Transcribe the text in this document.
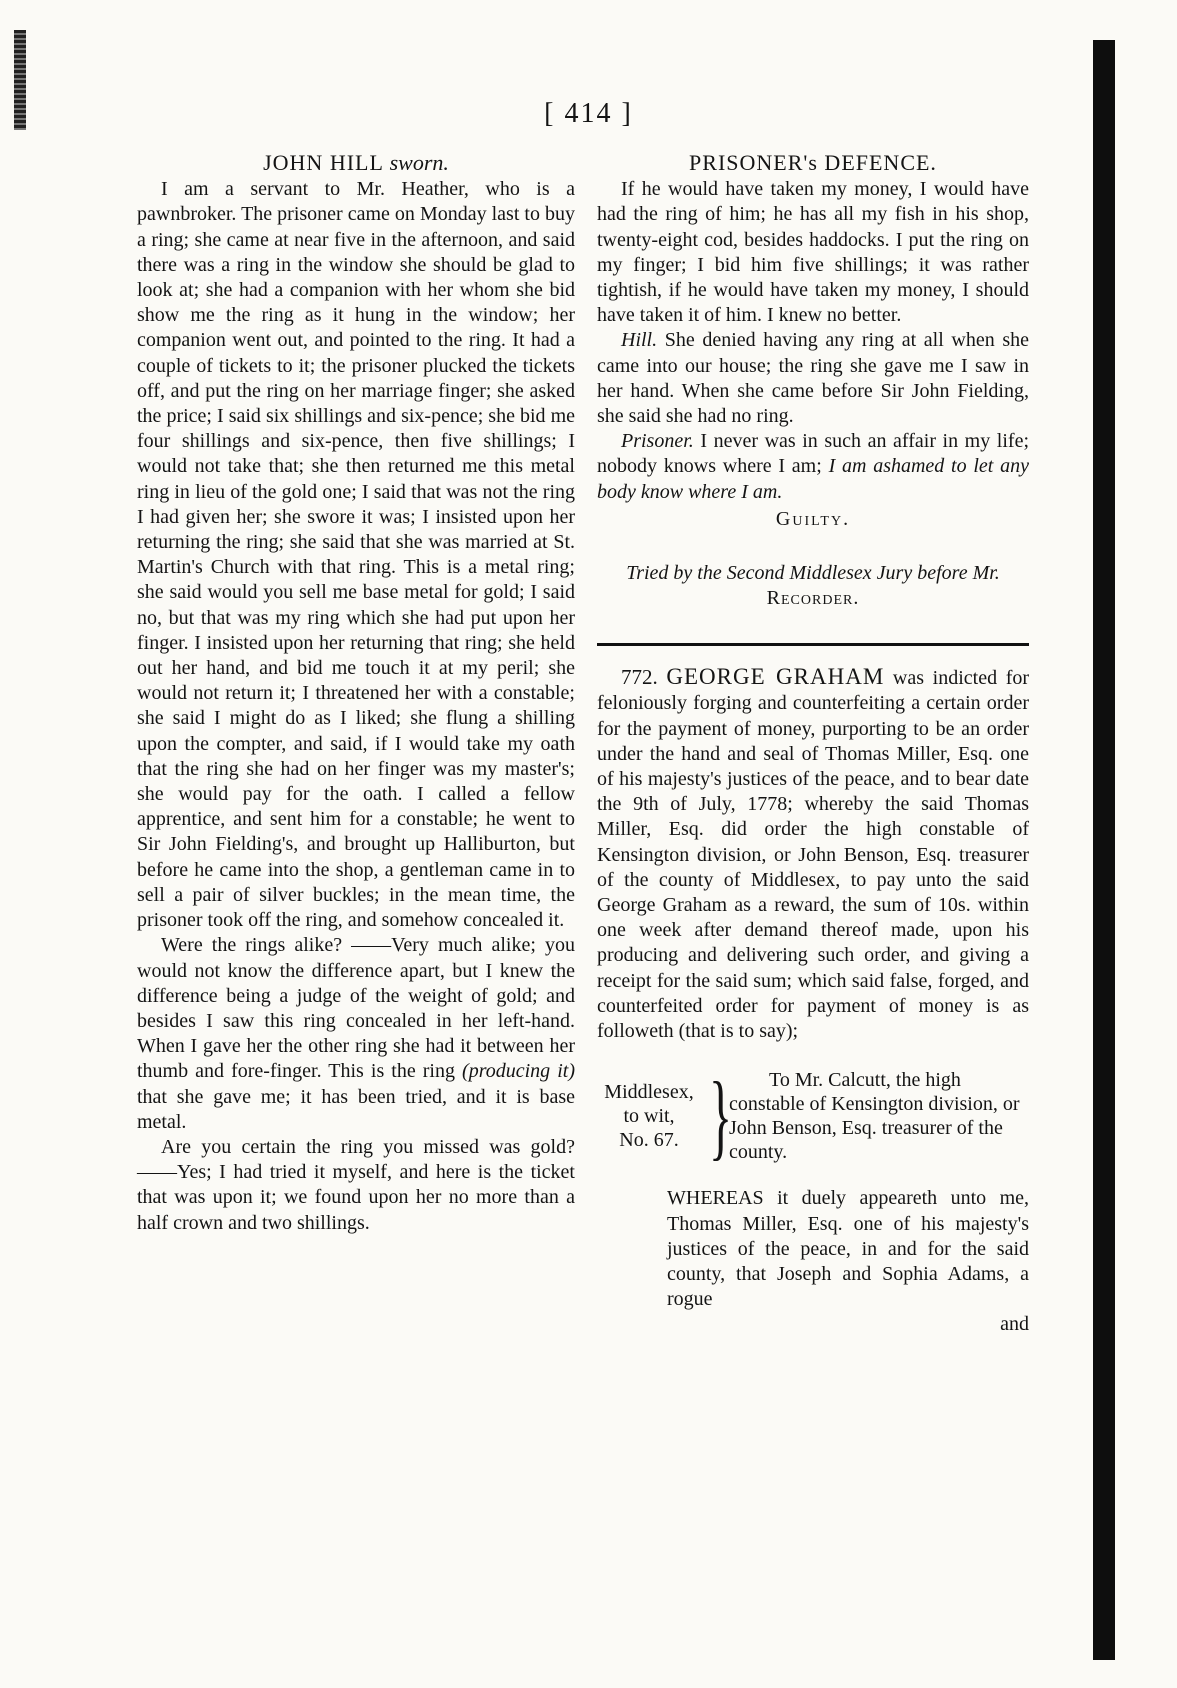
[ 414 ]
JOHN HILL sworn.

I am a servant to Mr. Heather, who is a pawnbroker. The prisoner came on Monday last to buy a ring; she came at near five in the afternoon, and said there was a ring in the window she should be glad to look at; she had a companion with her whom she bid show me the ring as it hung in the window; her companion went out, and pointed to the ring. It had a couple of tickets to it; the prisoner plucked the tickets off, and put the ring on her marriage finger; she asked the price; I said six shillings and six-pence; she bid me four shillings and six-pence, then five shillings; I would not take that; she then returned me this metal ring in lieu of the gold one; I said that was not the ring I had given her; she swore it was; I insisted upon her returning the ring; she said that she was married at St. Martin's Church with that ring. This is a metal ring; she said would you sell me base metal for gold; I said no, but that was my ring which she had put upon her finger. I insisted upon her returning that ring; she held out her hand, and bid me touch it at my peril; she would not return it; I threatened her with a constable; she said I might do as I liked; she flung a shilling upon the compter, and said, if I would take my oath that the ring she had on her finger was my master's; she would pay for the oath. I called a fellow apprentice, and sent him for a constable; he went to Sir John Fielding's, and brought up Halliburton, but before he came into the shop, a gentleman came in to sell a pair of silver buckles; in the mean time, the prisoner took off the ring, and somehow concealed it.

Were the rings alike? ——Very much alike; you would not know the difference apart, but I knew the difference being a judge of the weight of gold; and besides I saw this ring concealed in her left-hand. When I gave her the other ring she had it between her thumb and fore-finger. This is the ring (producing it) that she gave me; it has been tried, and it is base metal.

Are you certain the ring you missed was gold? ——Yes; I had tried it myself, and here is the ticket that was upon it; we found upon her no more than a half crown and two shillings.

PRISONER's DEFENCE.

If he would have taken my money, I would have had the ring of him; he has all my fish in his shop, twenty-eight cod, besides haddocks. I put the ring on my finger; I bid him five shillings; it was rather tightish, if he would have taken my money, I should have taken it of him. I knew no better.

Hill. She denied having any ring at all when she came into our house; the ring she gave me I saw in her hand. When she came before Sir John Fielding, she said she had no ring.

Prisoner. I never was in such an affair in my life; nobody knows where I am; I am ashamed to let any body know where I am.

Guilty.
Tried by the Second Middlesex Jury before Mr.
Recorder.

772. GEORGE GRAHAM was indicted for feloniously forging and counterfeiting a certain order for the payment of money, purporting to be an order under the hand and seal of Thomas Miller, Esq. one of his majesty's justices of the peace, and to bear date the 9th of July, 1778; whereby the said Thomas Miller, Esq. did order the high constable of Kensington division, or John Benson, Esq. treasurer of the county of Middlesex, to pay unto the said George Graham as a reward, the sum of 10s. within one week after demand thereof made, upon his producing and delivering such order, and giving a receipt for the said sum; which said false, forged, and counterfeited order for payment of money is as followeth (that is to say);

Middlesex,
to wit,
No. 67. }	To Mr. Calcutt, the high constable of Kensington division, or John Benson, Esq. treasurer of the county.

WHEREAS it duely appeareth unto me, Thomas Miller, Esq. one of his majesty's justices of the peace, in and for the said county, that Joseph and Sophia Adams, a rogue

and
